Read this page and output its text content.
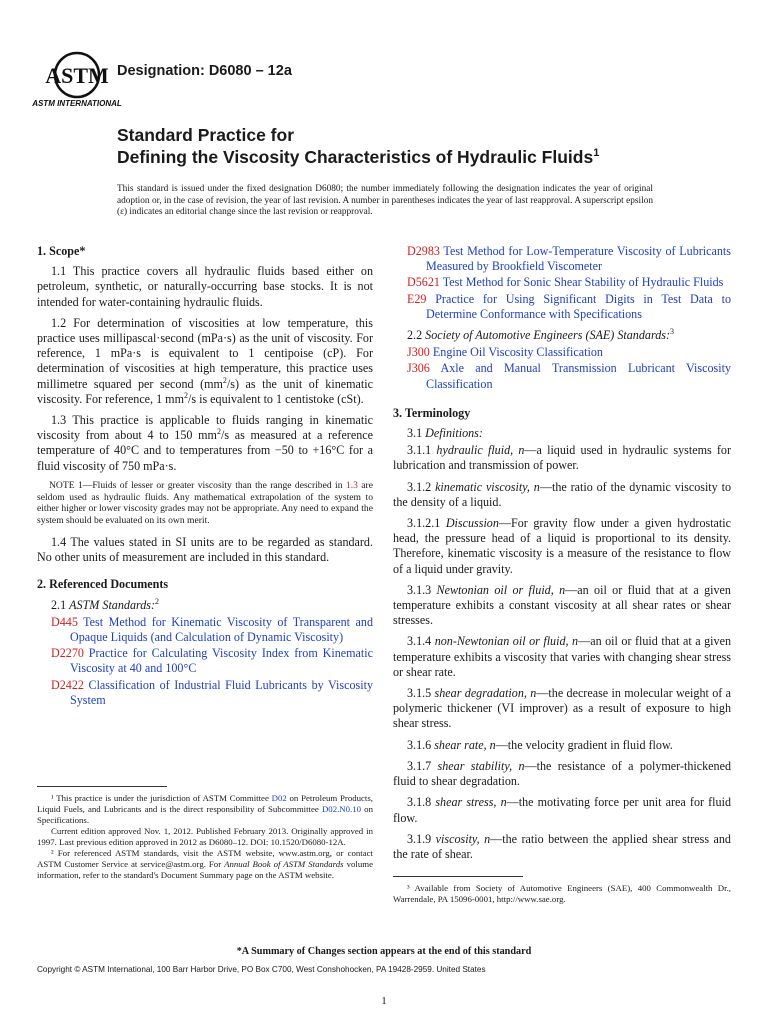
ASTM
ASTM INTERNATIONAL
Designation: D6080 – 12a
Standard Practice for
Defining the Viscosity Characteristics of Hydraulic Fluids$^1$
This standard is issued under the fixed designation D6080; the number immediately following the designation indicates the year of original adoption or, in the case of revision, the year of last revision. A number in parentheses indicates the year of last reapproval. A superscript epsilon (ε) indicates an editorial change since the last revision or reapproval.
1. Scope*
1.1 This practice covers all hydraulic fluids based either on petroleum, synthetic, or naturally-occurring base stocks. It is not intended for water-containing hydraulic fluids.
1.2 For determination of viscosities at low temperature, this practice uses millipascal·second (mPa·s) as the unit of viscosity. For reference, 1 mPa·s is equivalent to 1 centipoise (cP). For determination of viscosities at high temperature, this practice uses millimetre squared per second $(mm^2/s)$ as the unit of kinematic viscosity. For reference, 1 $mm^2/s$ is equivalent to 1 centistoke (cSt).
1.3 This practice is applicable to fluids ranging in kinematic viscosity from about 4 to 150 $mm^2/s$ as measured at a reference temperature of 40°C and to temperatures from −50 to +16°C for a fluid viscosity of 750 mPa·s.
NOTE 1—Fluids of lesser or greater viscosity than the range described in 1.3 are seldom used as hydraulic fluids. Any mathematical extrapolation of the system to either higher or lower viscosity grades may not be appropriate. Any need to expand the system should be evaluated on its own merit.
1.4 The values stated in SI units are to be regarded as standard. No other units of measurement are included in this standard.
2. Referenced Documents
2.1 ASTM Standards:$^2$
D445 Test Method for Kinematic Viscosity of Transparent and Opaque Liquids (and Calculation of Dynamic Viscosity)
D2270 Practice for Calculating Viscosity Index from Kinematic Viscosity at 40 and 100°C
D2422 Classification of Industrial Fluid Lubricants by Viscosity System

¹ This practice is under the jurisdiction of ASTM Committee D02 on Petroleum Products, Liquid Fuels, and Lubricants and is the direct responsibility of Subcommittee D02.N0.10 on Specifications.

Current edition approved Nov. 1, 2012. Published February 2013. Originally approved in 1997. Last previous edition approved in 2012 as D6080–12. DOI: 10.1520/D6080-12A.

² For referenced ASTM standards, visit the ASTM website, www.astm.org, or contact ASTM Customer Service at service@astm.org. For Annual Book of ASTM Standards volume information, refer to the standard's Document Summary page on the ASTM website.

D2983 Test Method for Low-Temperature Viscosity of Lubricants Measured by Brookfield Viscometer
D5621 Test Method for Sonic Shear Stability of Hydraulic Fluids
E29 Practice for Using Significant Digits in Test Data to Determine Conformance with Specifications
2.2 Society of Automotive Engineers (SAE) Standards:$^3$
J300 Engine Oil Viscosity Classification
J306 Axle and Manual Transmission Lubricant Viscosity Classification
3. Terminology
3.1 Definitions:
3.1.1 hydraulic fluid, n—a liquid used in hydraulic systems for lubrication and transmission of power.
3.1.2 kinematic viscosity, n—the ratio of the dynamic viscosity to the density of a liquid.
3.1.2.1 Discussion—For gravity flow under a given hydrostatic head, the pressure head of a liquid is proportional to its density. Therefore, kinematic viscosity is a measure of the resistance to flow of a liquid under gravity.
3.1.3 Newtonian oil or fluid, n—an oil or fluid that at a given temperature exhibits a constant viscosity at all shear rates or shear stresses.
3.1.4 non-Newtonian oil or fluid, n—an oil or fluid that at a given temperature exhibits a viscosity that varies with changing shear stress or shear rate.
3.1.5 shear degradation, n—the decrease in molecular weight of a polymeric thickener (VI improver) as a result of exposure to high shear stress.
3.1.6 shear rate, n—the velocity gradient in fluid flow.
3.1.7 shear stability, n—the resistance of a polymer-thickened fluid to shear degradation.
3.1.8 shear stress, n—the motivating force per unit area for fluid flow.
3.1.9 viscosity, n—the ratio between the applied shear stress and the rate of shear.

³ Available from Society of Automotive Engineers (SAE), 400 Commonwealth Dr., Warrendale, PA 15096-0001, http://www.sae.org.

*A Summary of Changes section appears at the end of this standard
Copyright © ASTM International, 100 Barr Harbor Drive, PO Box C700, West Conshohocken, PA 19428-2959. United States
1
